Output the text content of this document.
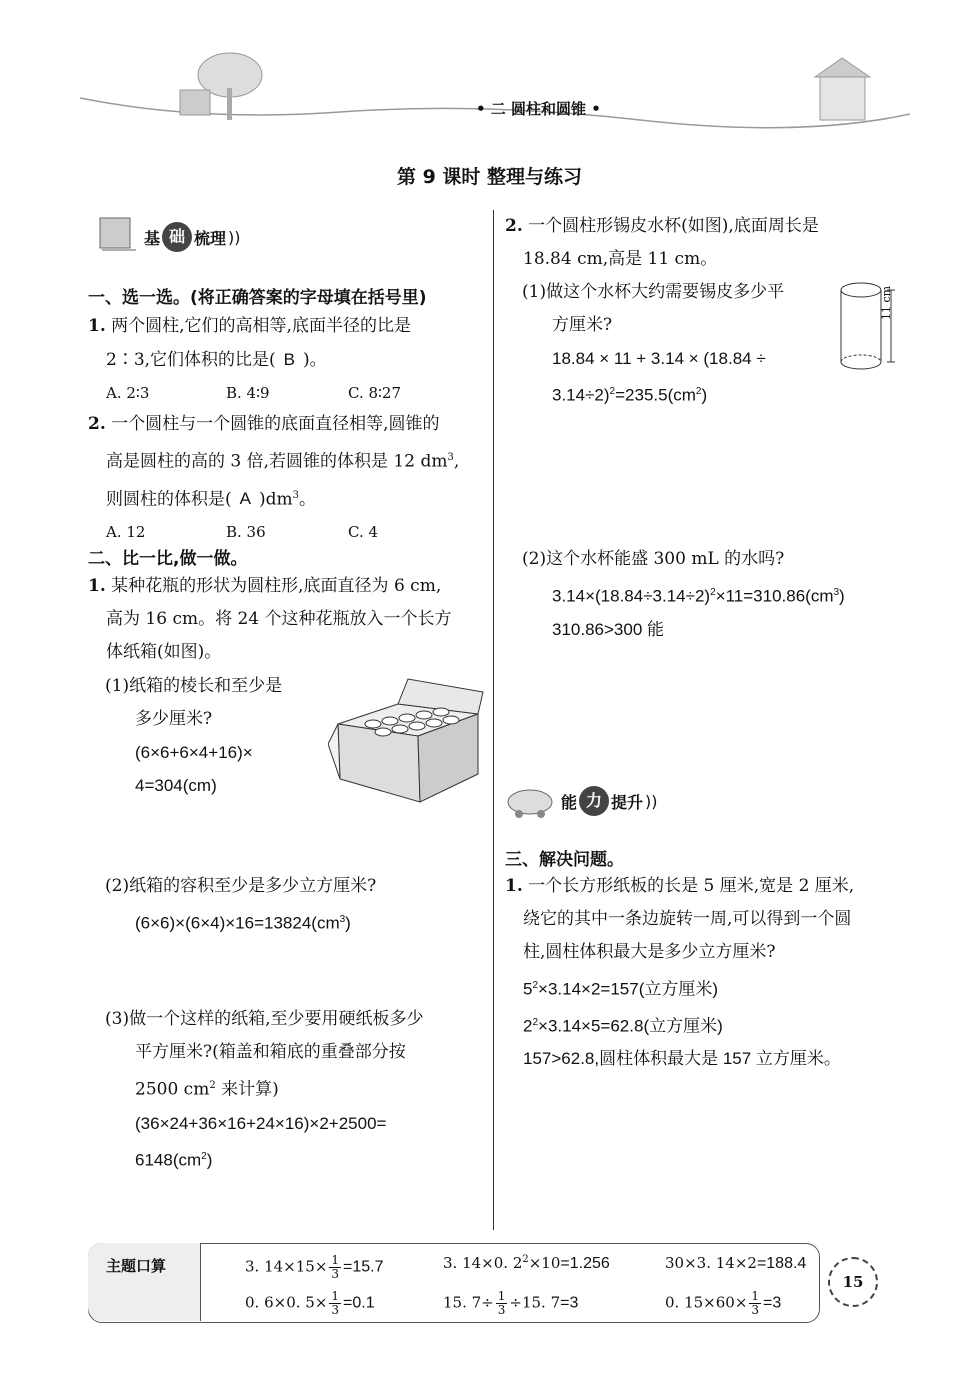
• 二 圆柱和圆锥 •
第 9 课时 整理与练习
基 础 梳理 ))
一、选一选。(将正确答案的字母填在括号里)
1. 两个圆柱,它们的高相等,底面半径的比是
2∶3,它们体积的比是( B )。
A. 2∶3	B. 4∶9	C. 8∶27
2. 一个圆柱与一个圆锥的底面直径相等,圆锥的
高是圆柱的高的 3 倍,若圆锥的体积是 12 $dm^3$,
则圆柱的体积是( A )$dm^3$。
A. 12	B. 36	C. 4
二、比一比,做一做。
1. 某种花瓶的形状为圆柱形,底面直径为 6 cm,
高为 16 cm。将 24 个这种花瓶放入一个长方
体纸箱(如图)。
(1)纸箱的棱长和至少是
多少厘米?
(6×6+6×4+16)×
4=304(cm)
(2)纸箱的容积至少是多少立方厘米?
$(6\times 6)\times(6\times 4)\times 16=13824(cm^3)$
(3)做一个这样的纸箱,至少要用硬纸板多少
平方厘米?(箱盖和箱底的重叠部分按
2500 $cm^2$ 来计算)
(36×24+36×16+24×16)×2+2500=
$6148(cm^2)$
2. 一个圆柱形锡皮水杯(如图),底面周长是
18.84 cm,高是 11 cm。
(1)做这个水杯大约需要锡皮多少平
方厘米?
18.84 × 11 + 3.14 × (18.84 ÷
$3.14\div 2)^2=235.5(cm^2)$
11 cm
(2)这个水杯能盛 300 mL 的水吗?
$3.14\times(18.84\div 3.14\div 2)^2\times 11=310.86(cm^3)$
310.86>300 能
能 力 提升 ))
三、解决问题。
1. 一个长方形纸板的长是 5 厘米,宽是 2 厘米,
绕它的其中一条边旋转一周,可以得到一个圆
柱,圆柱体积最大是多少立方厘米?
$5^2\times 3.14\times 2=157$(立方厘米)
$2^2\times 3.14\times 5=62.8$(立方厘米)
157>62.8,圆柱体积最大是 157 立方厘米。
主题口算	3. $14\times 15\times \frac{1}{3} =15.7$	3. 14×0. $2^2\times 10=1.256$	30×3. 14×2=188.4
0. 6×0. $5\times \frac{1}{3} =0.1$	15. $7\div \frac{1}{3} \div 15$. 7=3	0. $15\times 60\times \frac{1}{3} =3$
15
